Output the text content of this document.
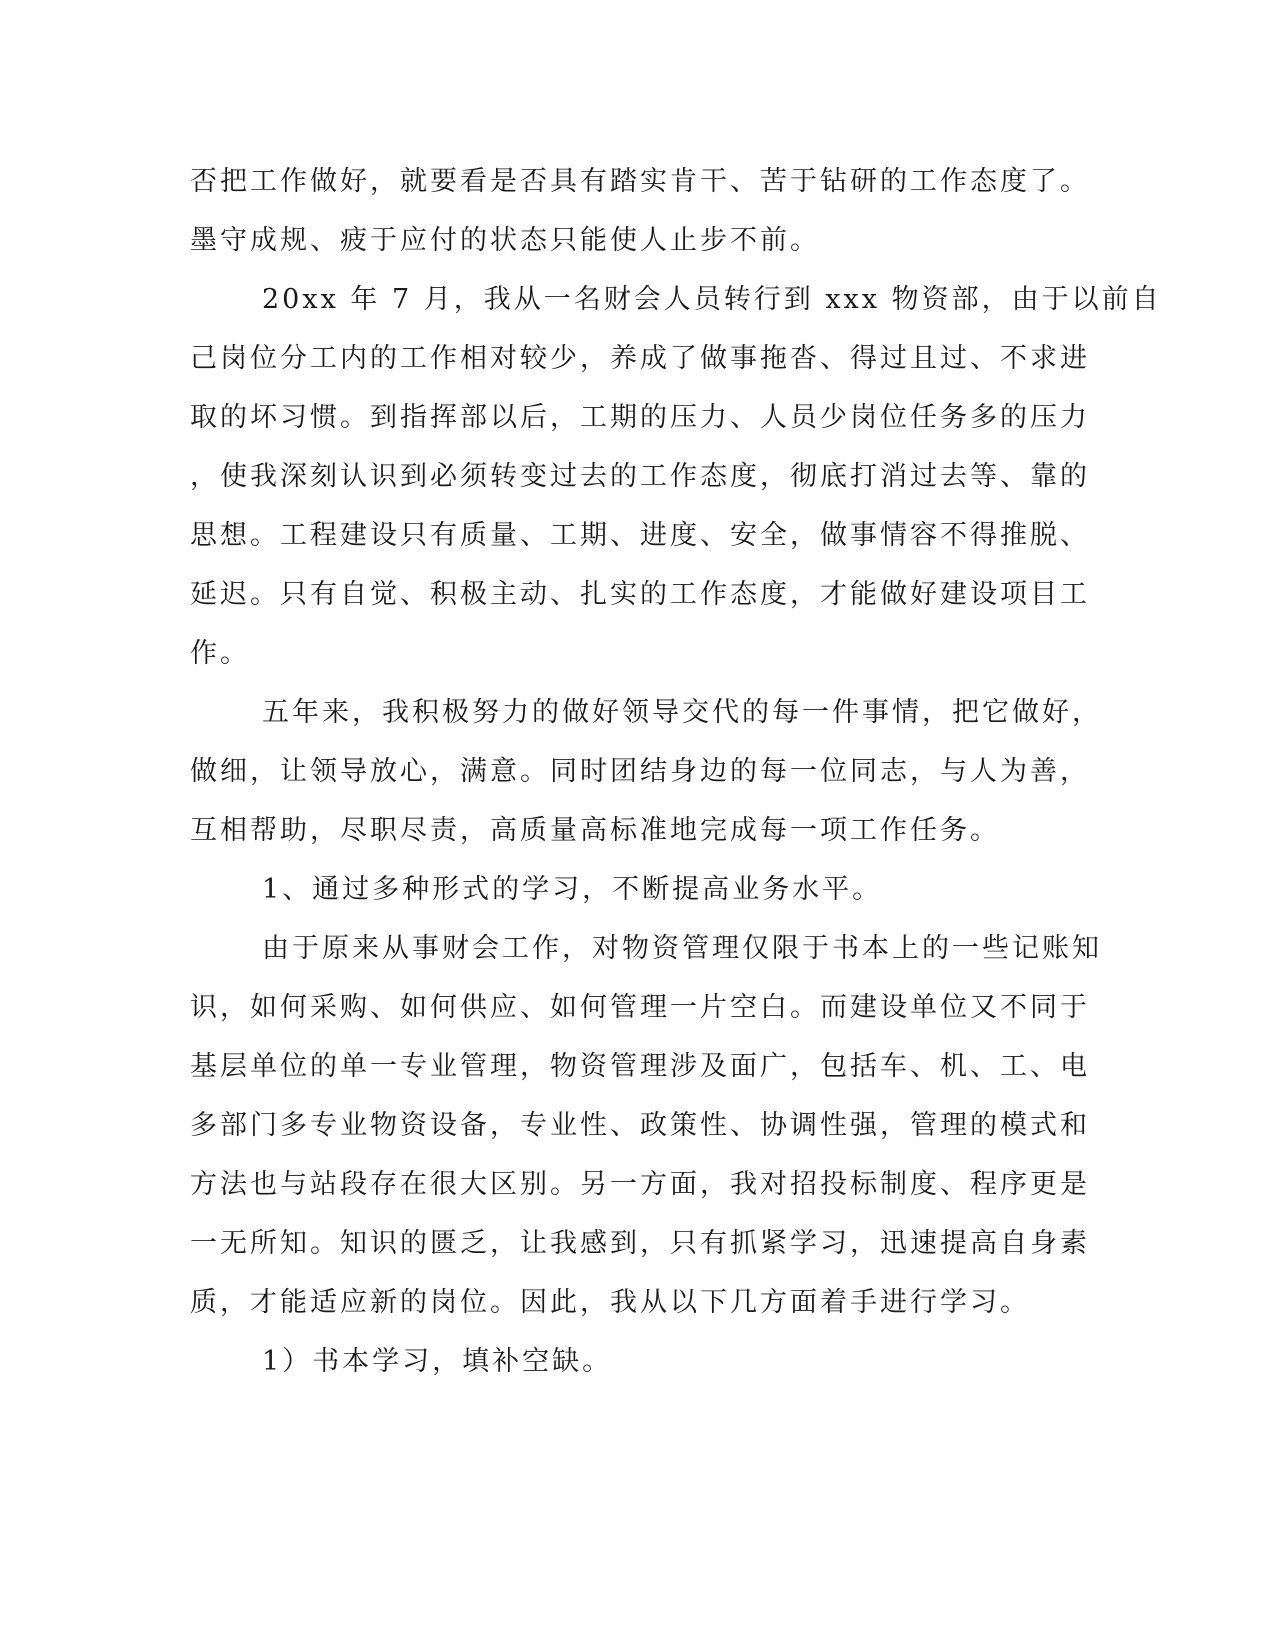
否把工作做好，就要看是否具有踏实肯干、苦于钻研的工作态度了。

墨守成规、疲于应付的状态只能使人止步不前。

20xx 年 7 月，我从一名财会人员转行到 xxx 物资部，由于以前自

己岗位分工内的工作相对较少，养成了做事拖沓、得过且过、不求进

取的坏习惯。到指挥部以后，工期的压力、人员少岗位任务多的压力

，使我深刻认识到必须转变过去的工作态度，彻底打消过去等、靠的

思想。工程建设只有质量、工期、进度、安全，做事情容不得推脱、

延迟。只有自觉、积极主动、扎实的工作态度，才能做好建设项目工

作。

五年来，我积极努力的做好领导交代的每一件事情，把它做好，

做细，让领导放心，满意。同时团结身边的每一位同志，与人为善，

互相帮助，尽职尽责，高质量高标准地完成每一项工作任务。

1、通过多种形式的学习，不断提高业务水平。

由于原来从事财会工作，对物资管理仅限于书本上的一些记账知

识，如何采购、如何供应、如何管理一片空白。而建设单位又不同于

基层单位的单一专业管理，物资管理涉及面广，包括车、机、工、电

多部门多专业物资设备，专业性、政策性、协调性强，管理的模式和

方法也与站段存在很大区别。另一方面，我对招投标制度、程序更是

一无所知。知识的匮乏，让我感到，只有抓紧学习，迅速提高自身素

质，才能适应新的岗位。因此，我从以下几方面着手进行学习。

1）书本学习，填补空缺。
